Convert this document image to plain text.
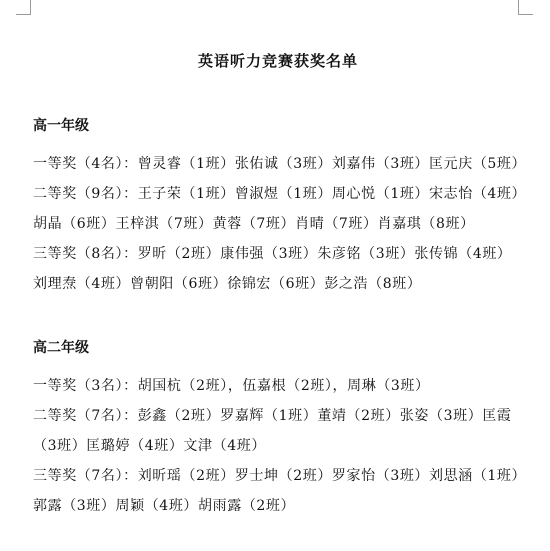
英语听力竞赛获奖名单

高一年级

一等奖（4名）：曾灵睿（1班）张佑诚（3班）刘嘉伟（3班）匡元庆（5班）

二等奖（9名）：王子荣（1班）曾淑煜（1班）周心悦（1班）宋志怡（4班）胡晶（6班）王梓淇（7班）黄蓉（7班）肖晴（7班）肖嘉琪（8班）

三等奖（8名）：罗昕（2班）康伟强（3班）朱彦铭（3班）张传锦（4班）刘理焘（4班）曾朝阳（6班）徐锦宏（6班）彭之浩（8班）

高二年级

一等奖（3名）：胡国杭（2班），伍嘉根（2班），周琳（3班）

二等奖（7名）：彭鑫（2班）罗嘉辉（1班）董靖（2班）张姿（3班）匡霞（3班）匡璐婷（4班）文津（4班）

三等奖（7名）：刘昕瑶（2班）罗士坤（2班）罗家怡（3班）刘思涵（1班）郭露（3班）周颖（4班）胡雨露（2班）
